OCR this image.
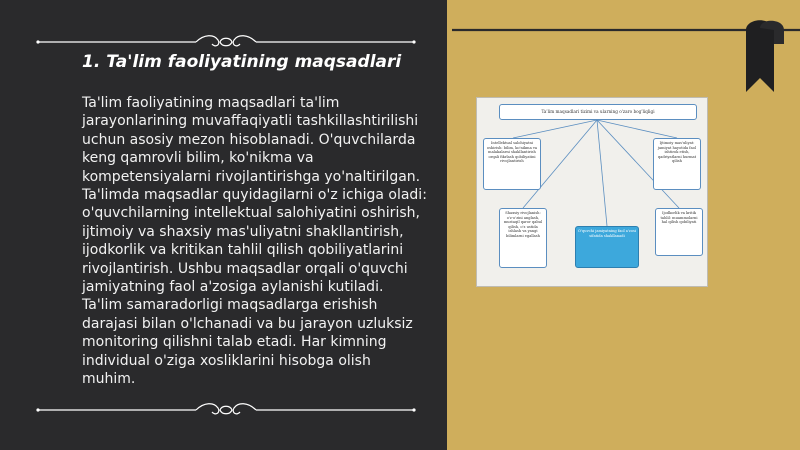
1. Ta'lim faoliyatining maqsadlari

Ta'lim faoliyatining maqsadlari ta'lim jarayonlarining muvaffaqiyatli tashkillashtirilishi uchun asosiy mezon hisoblanadi. O'quvchilarda keng qamrovli bilim, ko'nikma va kompetensiyalarni rivojlantirishga yo'naltirilgan. Ta'limda maqsadlar quyidagilarni o'z ichiga oladi: o'quvchilarning intellektual salohiyatini oshirish, ijtimoiy va shaxsiy mas'uliyatni shakllantirish, ijodkorlik va kritikan tahlil qilish qobiliyatlarini rivojlantirish. Ushbu maqsadlar orqali o'quvchi jamiyatning faol a'zosiga aylanishi kutiladi. Ta'lim samaradorligi maqsadlarga erishish darajasi bilan o'lchanadi va bu jarayon uzluksiz monitoring qilishni talab etadi. Har kimning individual o'ziga xosliklarini hisobga olish muhim.

Ta'lim maqsadlari tizimi va ularning o'zaro bog'liqligi
Intellektual salohiyatni oshirish: bilim, ko'nikma va malakalarni shakllantirish orqali fikrlash qobiliyatini rivojlantirish
Ijtimoiy mas'uliyat: jamiyat hayotida faol ishtirok etish, qadriyatlarni hurmat qilish
Shaxsiy rivojlanish: o'z-o'zini anglash, mustaqil qaror qabul qilish, o'z ustida ishlash va yangi bilimlarni egallash
O'quvchi jamiyatning faol a'zosi sifatida shakllanadi
Ijodkorlik va kritik tahlil: muammolarni hal qilish qobiliyati
